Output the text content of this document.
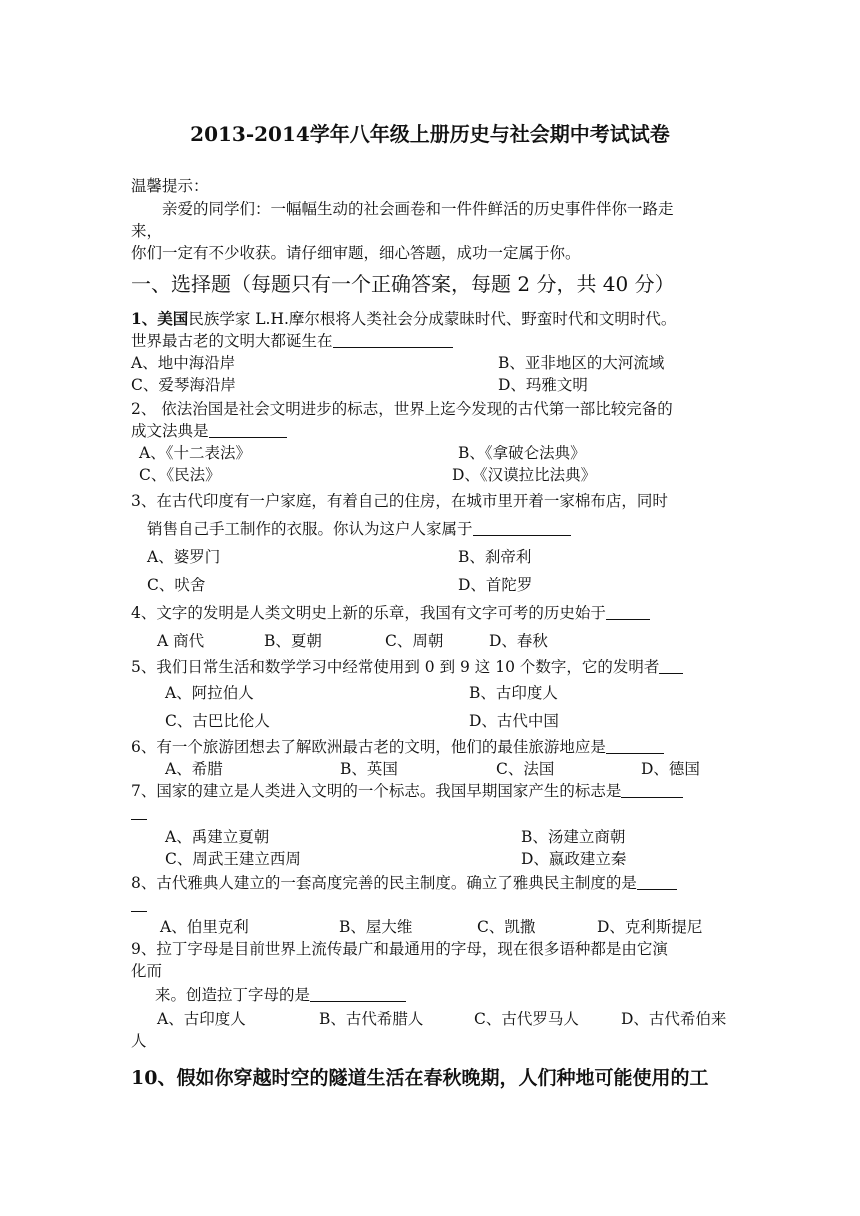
2013-2014学年八年级上册历史与社会期中考试试卷
温馨提示：
亲爱的同学们：一幅幅生动的社会画卷和一件件鲜活的历史事件伴你一路走
来，
你们一定有不少收获。请仔细审题，细心答题，成功一定属于你。
一、选择题（每题只有一个正确答案，每题 2 分，共 40 分）
1、美国民族学家 L.H.摩尔根将人类社会分成蒙昧时代、野蛮时代和文明时代。
世界最古老的文明大都诞生在
A、地中海沿岸	B、亚非地区的大河流域
C、爱琴海沿岸	D、玛雅文明
2、 依法治国是社会文明进步的标志，世界上迄今发现的古代第一部比较完备的
成文法典是
A、《十二表法》	B、《拿破仑法典》
C、《民法》	D、《汉谟拉比法典》
3、在古代印度有一户家庭，有着自己的住房，在城市里开着一家棉布店，同时
销售自己手工制作的衣服。你认为这户人家属于
A、婆罗门	B、刹帝利
C、吠舍	D、首陀罗
4、文字的发明是人类文明史上新的乐章，我国有文字可考的历史始于
A 商代	B、夏朝	C、周朝	D、春秋
5、我们日常生活和数学学习中经常使用到 0 到 9 这 10 个数字，它的发明者
A、阿拉伯人	B、古印度人
C、古巴比伦人	D、古代中国
6、有一个旅游团想去了解欧洲最古老的文明，他们的最佳旅游地应是
A、希腊	B、英国	C、法国	D、德国
7、国家的建立是人类进入文明的一个标志。我国早期国家产生的标志是
A、禹建立夏朝	B、汤建立商朝
C、周武王建立西周	D、嬴政建立秦
8、古代雅典人建立的一套高度完善的民主制度。确立了雅典民主制度的是
A、伯里克利	B、屋大维	C、凯撒	D、克利斯提尼
9、拉丁字母是目前世界上流传最广和最通用的字母，现在很多语种都是由它演
化而
来。创造拉丁字母的是
A、古印度人	B、古代希腊人	C、古代罗马人	D、古代希伯来
人
10、假如你穿越时空的隧道生活在春秋晚期，人们种地可能使用的工
